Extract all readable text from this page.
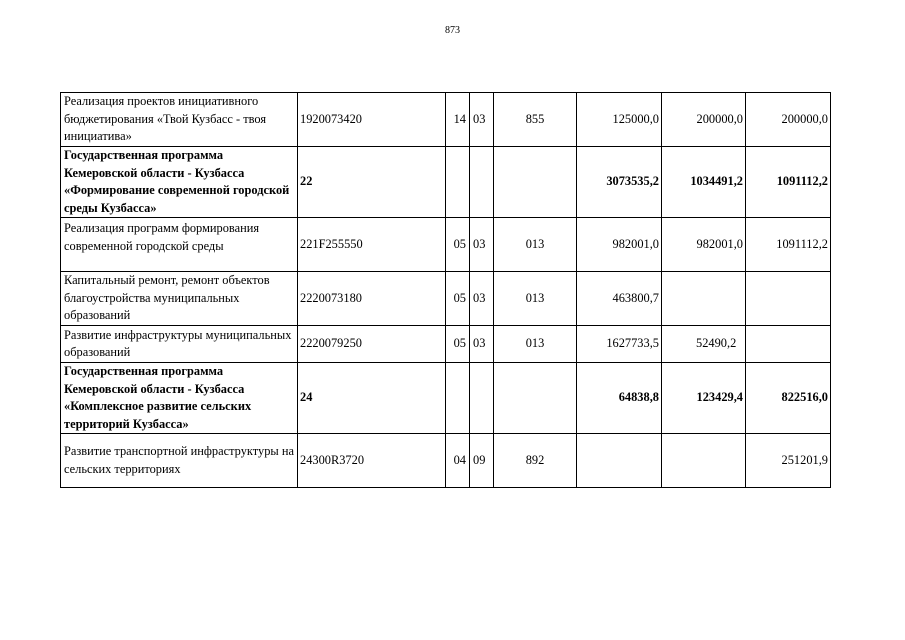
873
Реализация проектов инициативного бюджетирования «Твой Кузбасс - твоя инициатива»	1920073420	14	03	855	125000,0	200000,0	200000,0
Государственная программа Кемеровской области - Кузбасса «Формирование современной городской среды Кузбасса»	22				3073535,2	1034491,2	1091112,2
Реализация программ формирования современной городской среды	221F255550	05	03	013	982001,0	982001,0	1091112,2
Капитальный ремонт, ремонт объектов благоустройства муниципальных образований	2220073180	05	03	013	463800,7		
Развитие инфраструктуры муниципальных образований	2220079250	05	03	013	1627733,5	52490,2	
Государственная программа Кемеровской области - Кузбасса «Комплексное развитие сельских территорий Кузбасса»	24				64838,8	123429,4	822516,0
Развитие транспортной инфраструктуры на сельских территориях	24300R3720	04	09	892			251201,9
